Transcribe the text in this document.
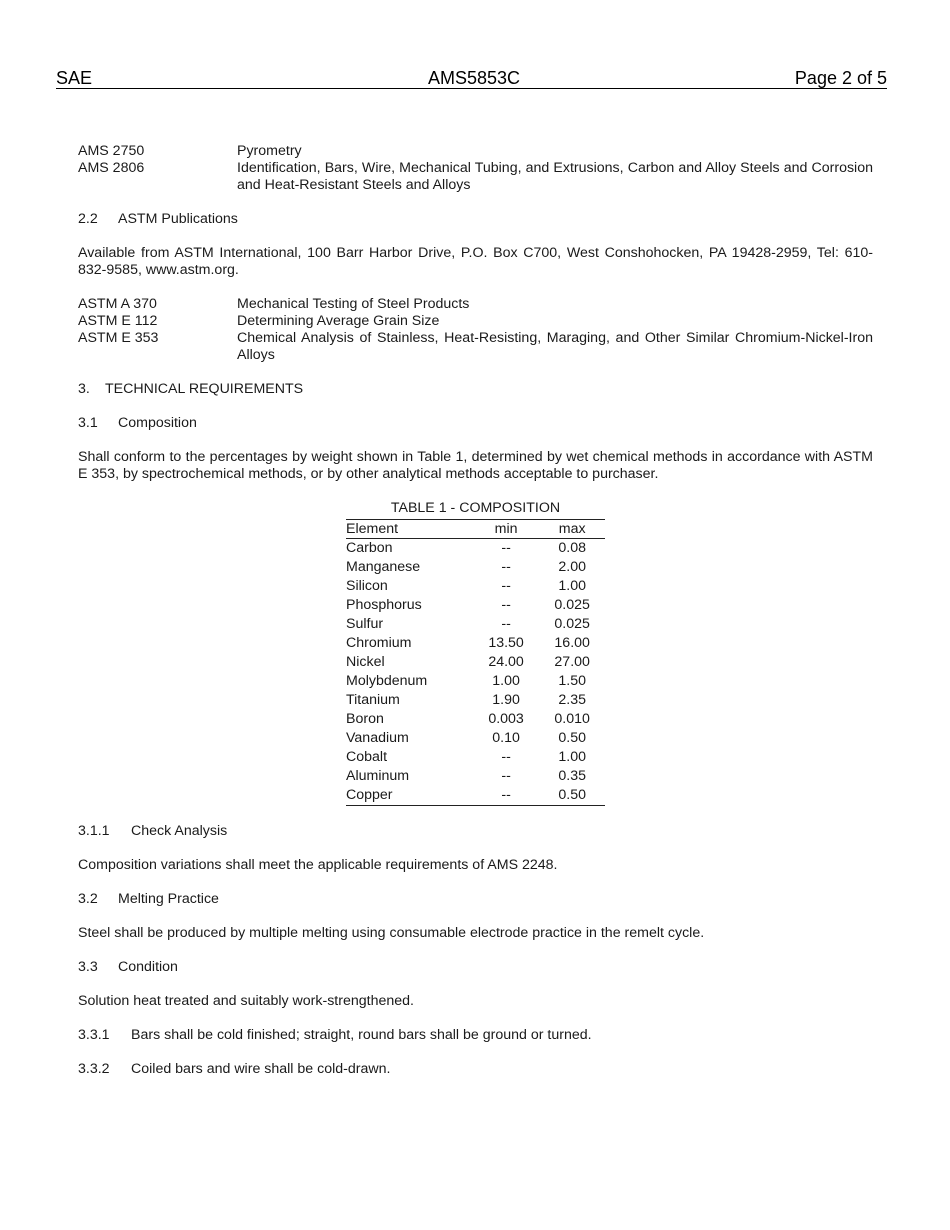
SAE	AMS5853C	Page 2 of 5
AMS 2750	Pyrometry
AMS 2806	Identification, Bars, Wire, Mechanical Tubing, and Extrusions, Carbon and Alloy Steels and Corrosion and Heat-Resistant Steels and Alloys
2.2	ASTM Publications
Available from ASTM International, 100 Barr Harbor Drive, P.O. Box C700, West Conshohocken, PA 19428-2959, Tel: 610-832-9585, www.astm.org.
ASTM A 370	Mechanical Testing of Steel Products
ASTM E 112	Determining Average Grain Size
ASTM E 353	Chemical Analysis of Stainless, Heat-Resisting, Maraging, and Other Similar Chromium-Nickel-Iron Alloys
3.	TECHNICAL REQUIREMENTS
3.1	Composition
Shall conform to the percentages by weight shown in Table 1, determined by wet chemical methods in accordance with ASTM E 353, by spectrochemical methods, or by other analytical methods acceptable to purchaser.
TABLE 1 - COMPOSITION
Element	min	max
Carbon	--	0.08
Manganese	--	2.00
Silicon	--	1.00
Phosphorus	--	0.025
Sulfur	--	0.025
Chromium	13.50	16.00
Nickel	24.00	27.00
Molybdenum	1.00	1.50
Titanium	1.90	2.35
Boron	0.003	0.010
Vanadium	0.10	0.50
Cobalt	--	1.00
Aluminum	--	0.35
Copper	--	0.50
3.1.1	Check Analysis
Composition variations shall meet the applicable requirements of AMS 2248.
3.2	Melting Practice
Steel shall be produced by multiple melting using consumable electrode practice in the remelt cycle.
3.3	Condition
Solution heat treated and suitably work-strengthened.
3.3.1	Bars shall be cold finished; straight, round bars shall be ground or turned.
3.3.2	Coiled bars and wire shall be cold-drawn.
